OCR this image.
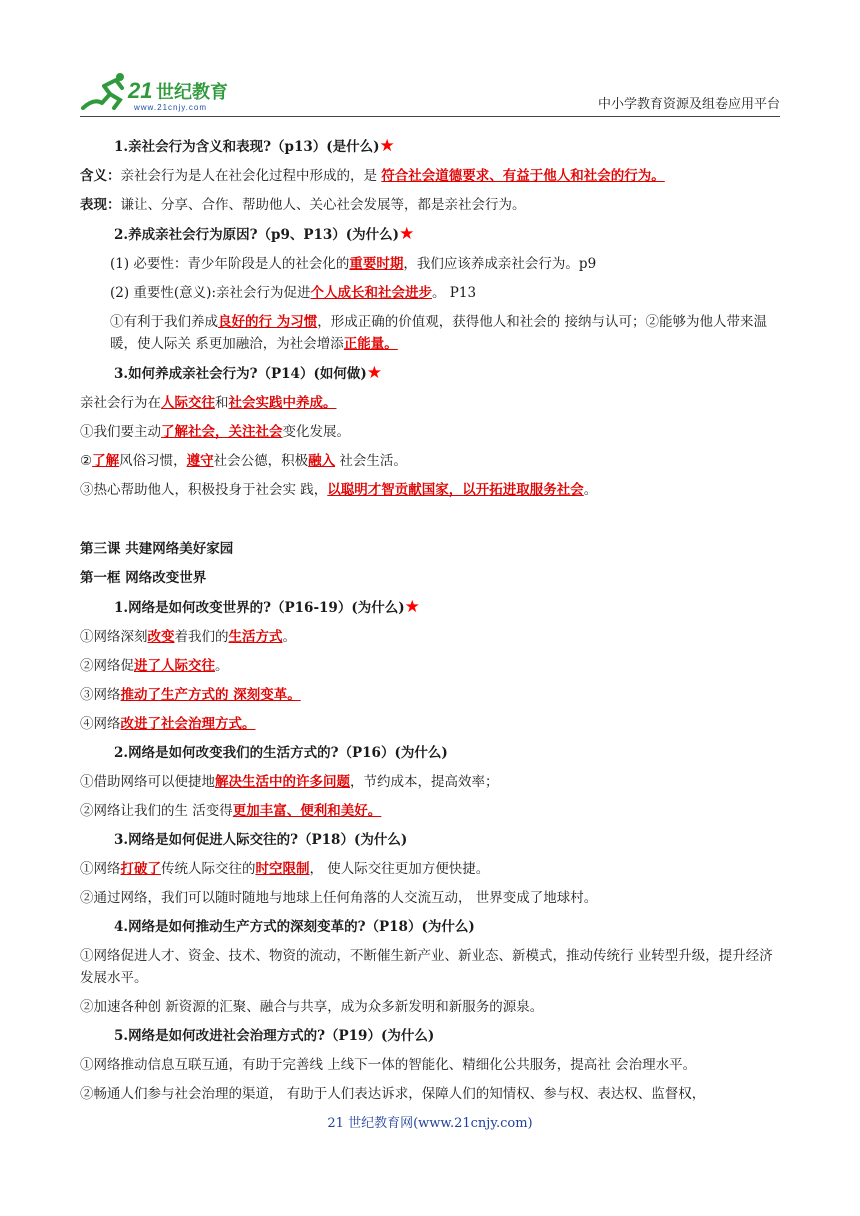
21 世纪教育
www.21cnjy.com	中小学教育资源及组卷应用平台
1.亲社会行为含义和表现?（p13）(是什么)★
含义：亲社会行为是人在社会化过程中形成的，是 符合社会道德要求、有益于他人和社会的行为。
表现：谦让、分享、合作、帮助他人、关心社会发展等，都是亲社会行为。
2.养成亲社会行为原因?（p9、P13）(为什么)★
(1) 必要性：青少年阶段是人的社会化的重要时期，我们应该养成亲社会行为。p9
(2) 重要性(意义):亲社会行为促进个人成长和社会进步。 P13
①有利于我们养成良好的行 为习惯，形成正确的价值观，获得他人和社会的 接纳与认可；②能够为他人带来温暖，使人际关 系更加融洽，为社会增添正能量。
3.如何养成亲社会行为?（P14）(如何做)★
亲社会行为在人际交往和社会实践中养成。
①我们要主动了解社会，关注社会变化发展。
②了解风俗习惯，遵守社会公德，积极融入 社会生活。
③热心帮助他人，积极投身于社会实 践，以聪明才智贡献国家，以开拓进取服务社会。
第三课 共建网络美好家园
第一框 网络改变世界
1.网络是如何改变世界的?（P16-19）(为什么)★
①网络深刻改变着我们的生活方式。
②网络促进了人际交往。
③网络推动了生产方式的 深刻变革。
④网络改进了社会治理方式。
2.网络是如何改变我们的生活方式的?（P16）(为什么)
①借助网络可以便捷地解决生活中的许多问题，节约成本，提高效率；
②网络让我们的生 活变得更加丰富、便利和美好。
3.网络是如何促进人际交往的?（P18）(为什么)
①网络打破了传统人际交往的时空限制， 使人际交往更加方便快捷。
②通过网络，我们可以随时随地与地球上任何角落的人交流互动， 世界变成了地球村。
4.网络是如何推动生产方式的深刻变革的?（P18）(为什么)
①网络促进人才、资金、技术、物资的流动，不断催生新产业、新业态、新模式，推动传统行 业转型升级，提升经济发展水平。
②加速各种创 新资源的汇聚、融合与共享，成为众多新发明和新服务的源泉。
5.网络是如何改进社会治理方式的?（P19）(为什么)
①网络推动信息互联互通，有助于完善线 上线下一体的智能化、精细化公共服务，提高社 会治理水平。
②畅通人们参与社会治理的渠道， 有助于人们表达诉求，保障人们的知情权、参与权、表达权、监督权，
21 世纪教育网(www.21cnjy.com)
